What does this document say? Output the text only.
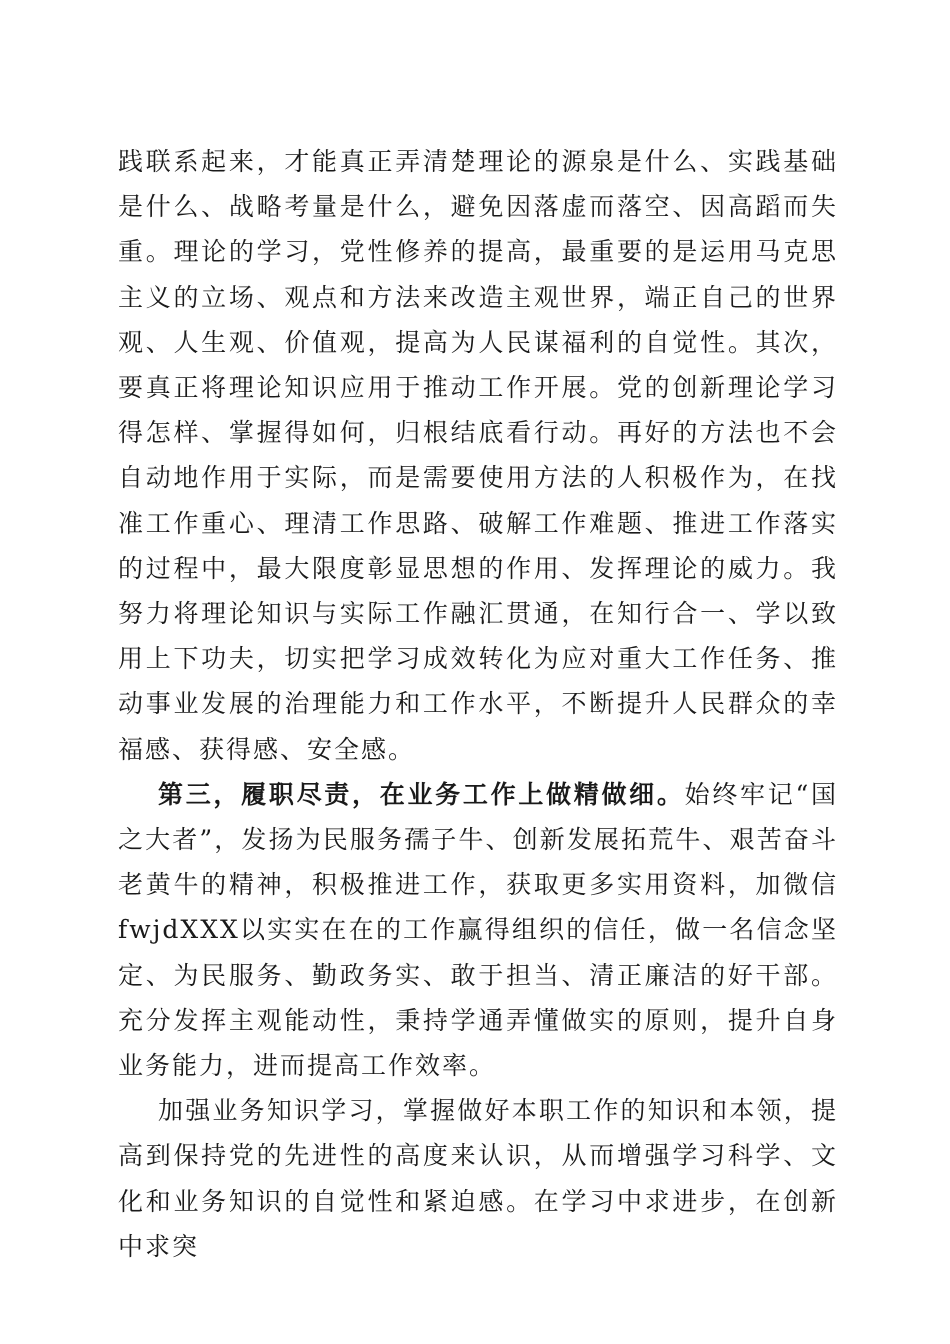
践联系起来，才能真正弄清楚理论的源泉是什么、实践基础是什么、战略考量是什么，避免因落虚而落空、因高蹈而失重。理论的学习，党性修养的提高，最重要的是运用马克思主义的立场、观点和方法来改造主观世界，端正自己的世界观、人生观、价值观，提高为人民谋福利的自觉性。其次，要真正将理论知识应用于推动工作开展。党的创新理论学习得怎样、掌握得如何，归根结底看行动。再好的方法也不会自动地作用于实际，而是需要使用方法的人积极作为，在找准工作重心、理清工作思路、破解工作难题、推进工作落实的过程中，最大限度彰显思想的作用、发挥理论的威力。我努力将理论知识与实际工作融汇贯通，在知行合一、学以致用上下功夫，切实把学习成效转化为应对重大工作任务、推动事业发展的治理能力和工作水平，不断提升人民群众的幸福感、获得感、安全感。

第三，履职尽责，在业务工作上做精做细。始终牢记“国之大者”，发扬为民服务孺子牛、创新发展拓荒牛、艰苦奋斗老黄牛的精神，积极推进工作，获取更多实用资料，加微信fwjdXXX以实实在在的工作赢得组织的信任，做一名信念坚定、为民服务、勤政务实、敢于担当、清正廉洁的好干部。充分发挥主观能动性，秉持学通弄懂做实的原则，提升自身业务能力，进而提高工作效率。

加强业务知识学习，掌握做好本职工作的知识和本领，提高到保持党的先进性的高度来认识，从而增强学习科学、文化和业务知识的自觉性和紧迫感。在学习中求进步，在创新中求突
